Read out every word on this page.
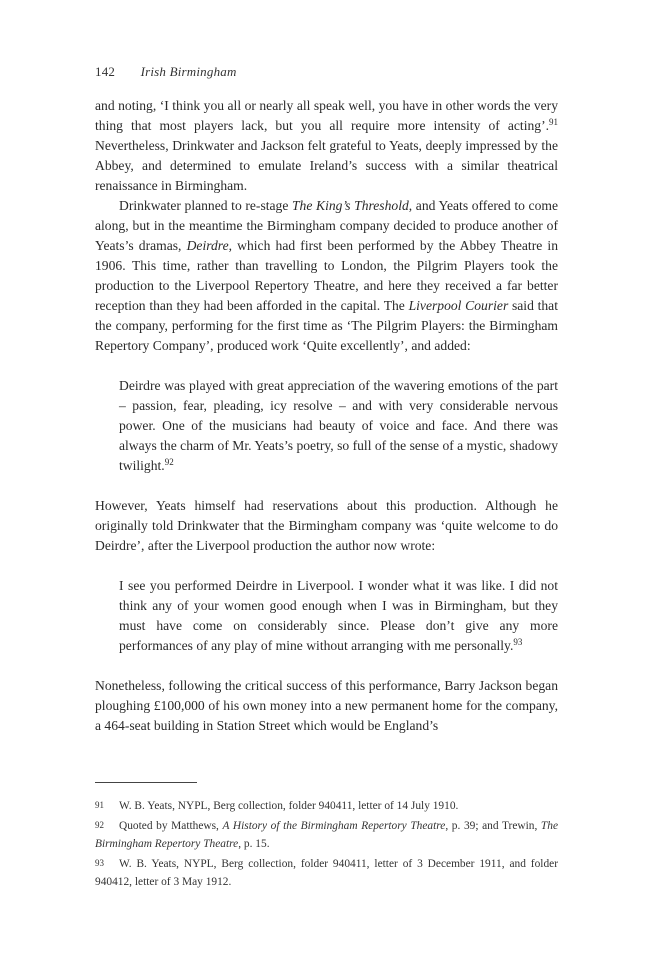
142 Irish Birmingham

and noting, ‘I think you all or nearly all speak well, you have in other words the very thing that most players lack, but you all require more intensity of acting’.$^{91}$ Nevertheless, Drinkwater and Jackson felt grateful to Yeats, deeply impressed by the Abbey, and determined to emulate Ireland’s success with a similar theatrical renaissance in Birmingham.

Drinkwater planned to re-stage The King’s Threshold, and Yeats offered to come along, but in the meantime the Birmingham company decided to produce another of Yeats’s dramas, Deirdre, which had first been performed by the Abbey Theatre in 1906. This time, rather than travelling to London, the Pilgrim Players took the production to the Liverpool Repertory Theatre, and here they received a far better reception than they had been afforded in the capital. The Liverpool Courier said that the company, performing for the first time as ‘The Pilgrim Players: the Birmingham Repertory Company’, produced work ‘Quite excellently’, and added:

Deirdre was played with great appreciation of the wavering emotions of the part – passion, fear, pleading, icy resolve – and with very considerable nervous power. One of the musicians had beauty of voice and face. And there was always the charm of Mr. Yeats’s poetry, so full of the sense of a mystic, shadowy twilight.$^{92}$

However, Yeats himself had reservations about this production. Although he originally told Drinkwater that the Birmingham company was ‘quite welcome to do Deirdre’, after the Liverpool production the author now wrote:

I see you performed Deirdre in Liverpool. I wonder what it was like. I did not think any of your women good enough when I was in Birmingham, but they must have come on considerably since. Please don’t give any more performances of any play of mine without arranging with me personally.$^{93}$

Nonetheless, following the critical success of this performance, Barry Jackson began ploughing £100,000 of his own money into a new permanent home for the company, a 464-seat building in Station Street which would be England’s

91 W. B. Yeats, NYPL, Berg collection, folder 940411, letter of 14 July 1910.

92 Quoted by Matthews, A History of the Birmingham Repertory Theatre, p. 39; and Trewin, The Birmingham Repertory Theatre, p. 15.

93 W. B. Yeats, NYPL, Berg collection, folder 940411, letter of 3 December 1911, and folder 940412, letter of 3 May 1912.
